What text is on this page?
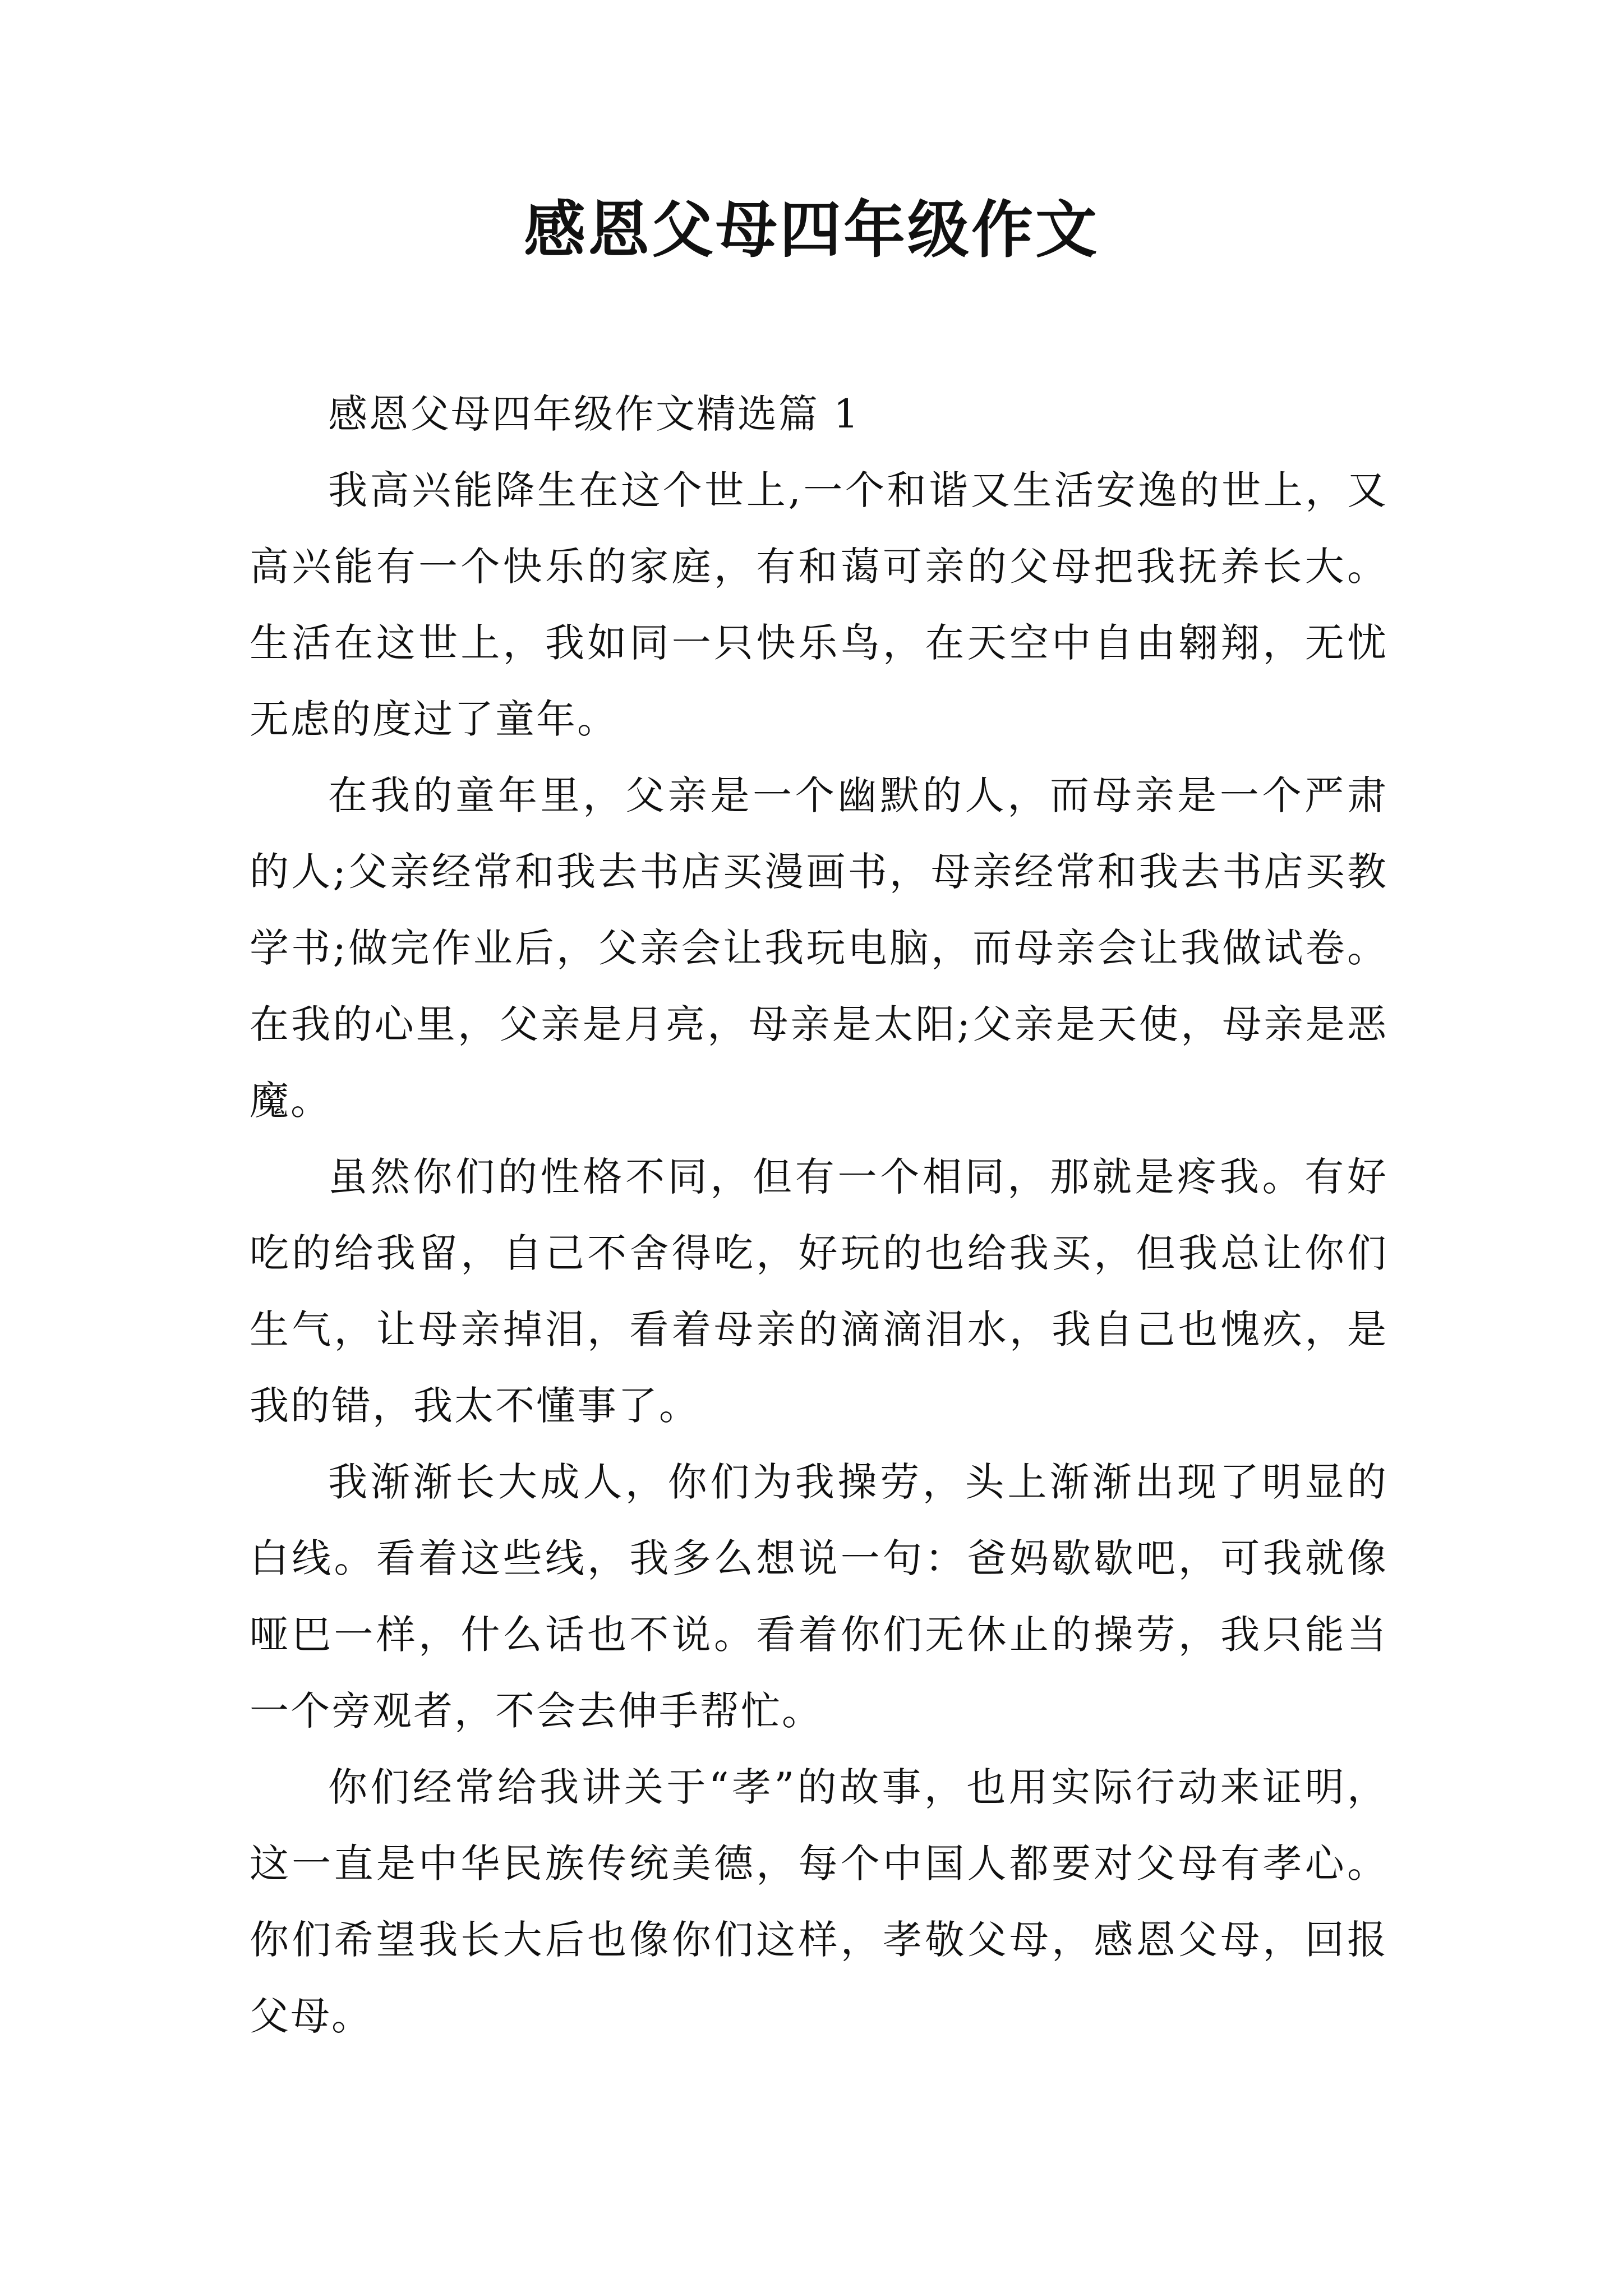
感恩父母四年级作文

感恩父母四年级作文精选篇 1

我高兴能降生在这个世上,一个和谐又生活安逸的世上，又高兴能有一个快乐的家庭，有和蔼可亲的父母把我抚养长大。生活在这世上，我如同一只快乐鸟，在天空中自由翱翔，无忧无虑的度过了童年。

在我的童年里，父亲是一个幽默的人，而母亲是一个严肃的人;父亲经常和我去书店买漫画书，母亲经常和我去书店买教学书;做完作业后，父亲会让我玩电脑，而母亲会让我做试卷。在我的心里，父亲是月亮，母亲是太阳;父亲是天使，母亲是恶魔。

虽然你们的性格不同，但有一个相同，那就是疼我。有好吃的给我留，自己不舍得吃，好玩的也给我买，但我总让你们生气，让母亲掉泪，看着母亲的滴滴泪水，我自己也愧疚，是我的错，我太不懂事了。

我渐渐长大成人，你们为我操劳，头上渐渐出现了明显的白线。看着这些线，我多么想说一句：爸妈歇歇吧，可我就像哑巴一样，什么话也不说。看着你们无休止的操劳，我只能当一个旁观者，不会去伸手帮忙。

你们经常给我讲关于“孝”的故事，也用实际行动来证明，这一直是中华民族传统美德，每个中国人都要对父母有孝心。你们希望我长大后也像你们这样，孝敬父母，感恩父母，回报父母。
